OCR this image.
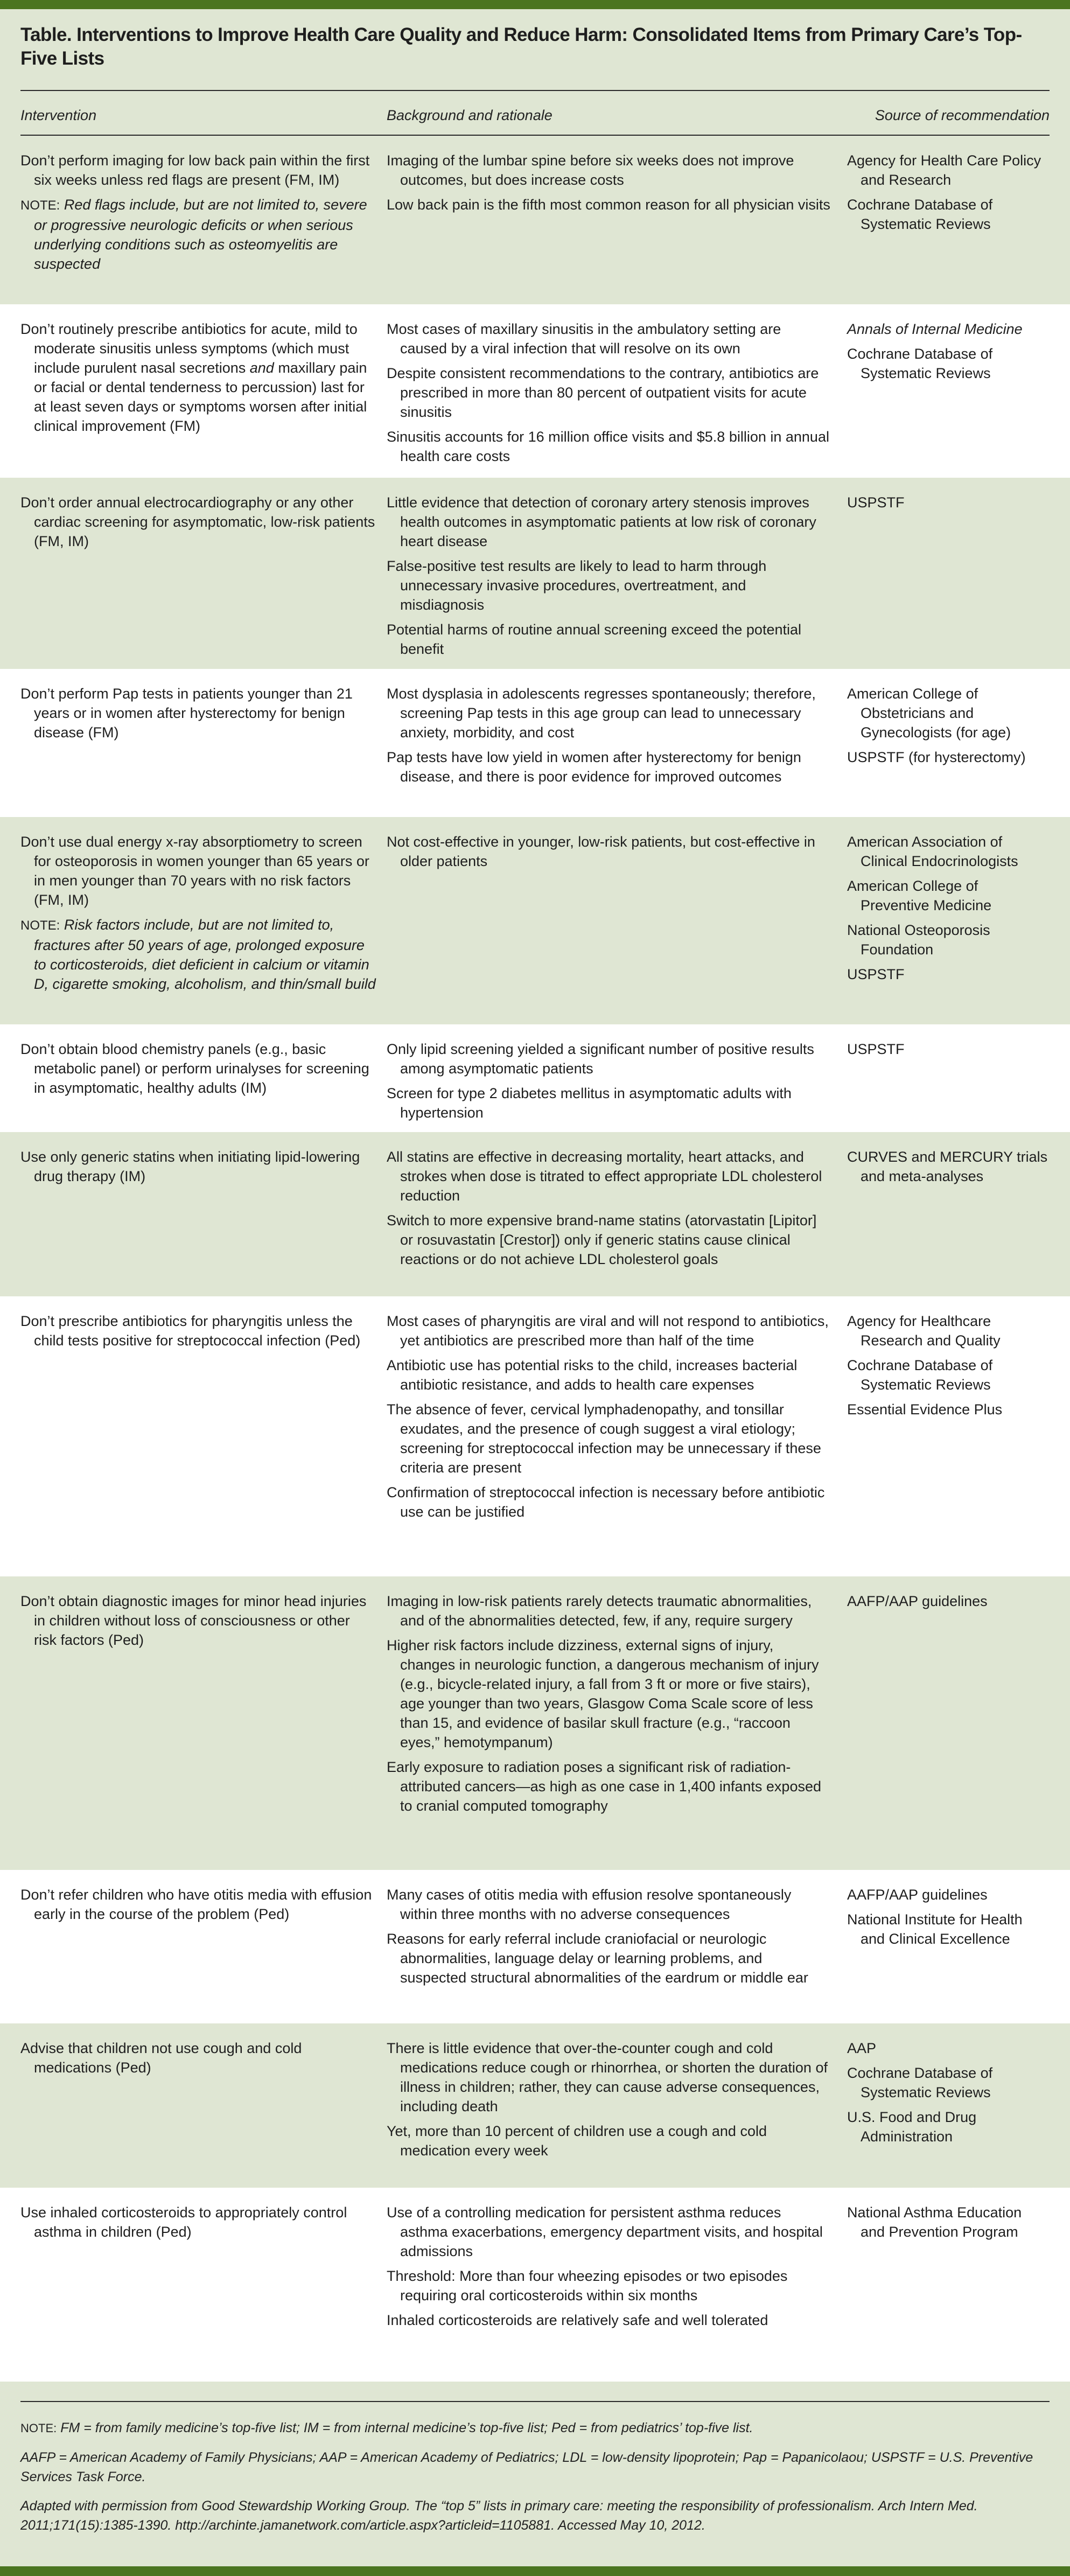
Table. Interventions to Improve Health Care Quality and Reduce Harm: Consolidated Items from Primary Care’s Top-Five Lists
Intervention	Background and rationale	Source of recommendation

Don’t perform imaging for low back pain within the first six weeks unless red flags are present (FM, IM)

NOTE: Red flags include, but are not limited to, severe or progressive neurologic deficits or when serious underlying conditions such as osteomyelitis are suspected

Imaging of the lumbar spine before six weeks does not improve outcomes, but does increase costs

Low back pain is the fifth most common reason for all physician visits

Agency for Health Care Policy and Research

Cochrane Database of Systematic Reviews

Don’t routinely prescribe antibiotics for acute, mild to moderate sinusitis unless symptoms (which must include purulent nasal secretions and maxillary pain or facial or dental tenderness to percussion) last for at least seven days or symptoms worsen after initial clinical improvement (FM)

Most cases of maxillary sinusitis in the ambulatory setting are caused by a viral infection that will resolve on its own

Despite consistent recommendations to the contrary, antibiotics are prescribed in more than 80 percent of outpatient visits for acute sinusitis

Sinusitis accounts for 16 million office visits and $5.8 billion in annual health care costs

Annals of Internal Medicine

Cochrane Database of Systematic Reviews

Don’t order annual electrocardiography or any other cardiac screening for asymptomatic, low-risk patients (FM, IM)

Little evidence that detection of coronary artery stenosis improves health outcomes in asymptomatic patients at low risk of coronary heart disease

False-positive test results are likely to lead to harm through unnecessary invasive procedures, overtreatment, and misdiagnosis

Potential harms of routine annual screening exceed the potential benefit

USPSTF

Don’t perform Pap tests in patients younger than 21 years or in women after hysterectomy for benign disease (FM)

Most dysplasia in adolescents regresses spontaneously; therefore, screening Pap tests in this age group can lead to unnecessary anxiety, morbidity, and cost

Pap tests have low yield in women after hysterectomy for benign disease, and there is poor evidence for improved outcomes

American College of Obstetricians and Gynecologists (for age)

USPSTF (for hysterectomy)

Don’t use dual energy x-ray absorptiometry to screen for osteoporosis in women younger than 65 years or in men younger than 70 years with no risk factors (FM, IM)

NOTE: Risk factors include, but are not limited to, fractures after 50 years of age, prolonged exposure to corticosteroids, diet deficient in calcium or vitamin D, cigarette smoking, alcoholism, and thin/small build

Not cost-effective in younger, low-risk patients, but cost-effective in older patients

American Association of Clinical Endocrinologists

American College of Preventive Medicine

National Osteoporosis Foundation

USPSTF

Don’t obtain blood chemistry panels (e.g., basic metabolic panel) or perform urinalyses for screening in asymptomatic, healthy adults (IM)

Only lipid screening yielded a significant number of positive results among asymptomatic patients

Screen for type 2 diabetes mellitus in asymptomatic adults with hypertension

USPSTF

Use only generic statins when initiating lipid-lowering drug therapy (IM)

All statins are effective in decreasing mortality, heart attacks, and strokes when dose is titrated to effect appropriate LDL cholesterol reduction

Switch to more expensive brand-name statins (atorvastatin [Lipitor] or rosuvastatin [Crestor]) only if generic statins cause clinical reactions or do not achieve LDL cholesterol goals

CURVES and MERCURY trials and meta-analyses

Don’t prescribe antibiotics for pharyngitis unless the child tests positive for streptococcal infection (Ped)

Most cases of pharyngitis are viral and will not respond to antibiotics, yet antibiotics are prescribed more than half of the time

Antibiotic use has potential risks to the child, increases bacterial antibiotic resistance, and adds to health care expenses

The absence of fever, cervical lymphadenopathy, and tonsillar exudates, and the presence of cough suggest a viral etiology; screening for streptococcal infection may be unnecessary if these criteria are present

Confirmation of streptococcal infection is necessary before antibiotic use can be justified

Agency for Healthcare Research and Quality

Cochrane Database of Systematic Reviews

Essential Evidence Plus

Don’t obtain diagnostic images for minor head injuries in children without loss of consciousness or other risk factors (Ped)

Imaging in low-risk patients rarely detects traumatic abnormalities, and of the abnormalities detected, few, if any, require surgery

Higher risk factors include dizziness, external signs of injury, changes in neurologic function, a dangerous mechanism of injury (e.g., bicycle-related injury, a fall from 3 ft or more or five stairs), age younger than two years, Glasgow Coma Scale score of less than 15, and evidence of basilar skull fracture (e.g., “raccoon eyes,” hemotympanum)

Early exposure to radiation poses a significant risk of radiation-attributed cancers—as high as one case in 1,400 infants exposed to cranial computed tomography

AAFP/AAP guidelines

Don’t refer children who have otitis media with effusion early in the course of the problem (Ped)

Many cases of otitis media with effusion resolve spontaneously within three months with no adverse consequences

Reasons for early referral include craniofacial or neurologic abnormalities, language delay or learning problems, and suspected structural abnormalities of the eardrum or middle ear

AAFP/AAP guidelines

National Institute for Health and Clinical Excellence

Advise that children not use cough and cold medications (Ped)

There is little evidence that over-the-counter cough and cold medications reduce cough or rhinorrhea, or shorten the duration of illness in children; rather, they can cause adverse consequences, including death

Yet, more than 10 percent of children use a cough and cold medication every week

AAP

Cochrane Database of Systematic Reviews

U.S. Food and Drug Administration

Use inhaled corticosteroids to appropriately control asthma in children (Ped)

Use of a controlling medication for persistent asthma reduces asthma exacerbations, emergency department visits, and hospital admissions

Threshold: More than four wheezing episodes or two episodes requiring oral corticosteroids within six months

Inhaled corticosteroids are relatively safe and well tolerated

National Asthma Education and Prevention Program

NOTE: FM = from family medicine’s top-five list; IM = from internal medicine’s top-five list; Ped = from pediatrics’ top-five list.

AAFP = American Academy of Family Physicians; AAP = American Academy of Pediatrics; LDL = low-density lipoprotein; Pap = Papanicolaou; USPSTF = U.S. Preventive Services Task Force.

Adapted with permission from Good Stewardship Working Group. The “top 5” lists in primary care: meeting the responsibility of professionalism. Arch Intern Med. 2011;171(15):1385-1390. http://archinte.jamanetwork.com/article.aspx?articleid=1105881. Accessed May 10, 2012.
